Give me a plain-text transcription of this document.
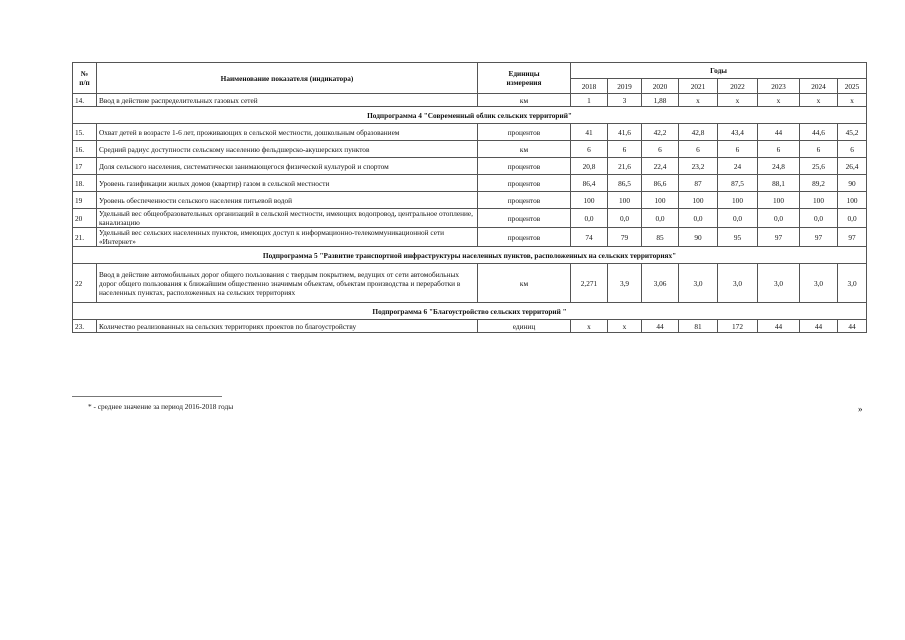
№
п/п	Наименование показателя (индикатора)	Единицы
измерения	Годы							
			2018	2019	2020	2021	2022	2023	2024	2025
14.	Ввод в действие распределительных газовых сетей	км	1	3	1,88	х	х	х	х	х
Подпрограмма 4 "Современный облик сельских территорий"										
15.	Охват детей в возрасте 1-6 лет, проживающих в сельской местности, дошкольным образованием	процентов	41	41,6	42,2	42,8	43,4	44	44,6	45,2
16.	Средний радиус доступности сельскому населению фельдшерско-акушерских пунктов	км	6	6	6	6	6	6	6	6
17	Доля сельского населения, систематически занимающегося физической культурой и спортом	процентов	20,8	21,6	22,4	23,2	24	24,8	25,6	26,4
18.	Уровень газификации жилых домов (квартир) газом в сельской местности	процентов	86,4	86,5	86,6	87	87,5	88,1	89,2	90
19	Уровень обеспеченности сельского населения питьевой водой	процентов	100	100	100	100	100	100	100	100
20	Удельный вес общеобразовательных организаций в сельской местности, имеющих водопровод, центральное отопление, канализацию	процентов	0,0	0,0	0,0	0,0	0,0	0,0	0,0	0,0
21.	Удельный вес сельских населенных пунктов, имеющих доступ к информационно-телекоммуникационной сети «Интернет»	процентов	74	79	85	90	95	97	97	97
Подпрограмма 5 "Развитие транспортной инфраструктуры населенных пунктов, расположенных на сельских территориях"										
22	Ввод в действие автомобильных дорог общего пользования с твердым покрытием, ведущих от сети автомобильных дорог общего пользования к ближайшим общественно значимым объектам, объектам производства и переработки в населенных пунктах, расположенных на сельских территориях	км	2,271	3,9	3,06	3,0	3,0	3,0	3,0	3,0
Подпрограмма 6 "Благоустройство сельских территорий "										
23.	Количество реализованных на сельских территориях проектов по благоустройству	единиц	х	х	44	81	172	44	44	44
* - среднее значение за период 2016-2018 годы	»
